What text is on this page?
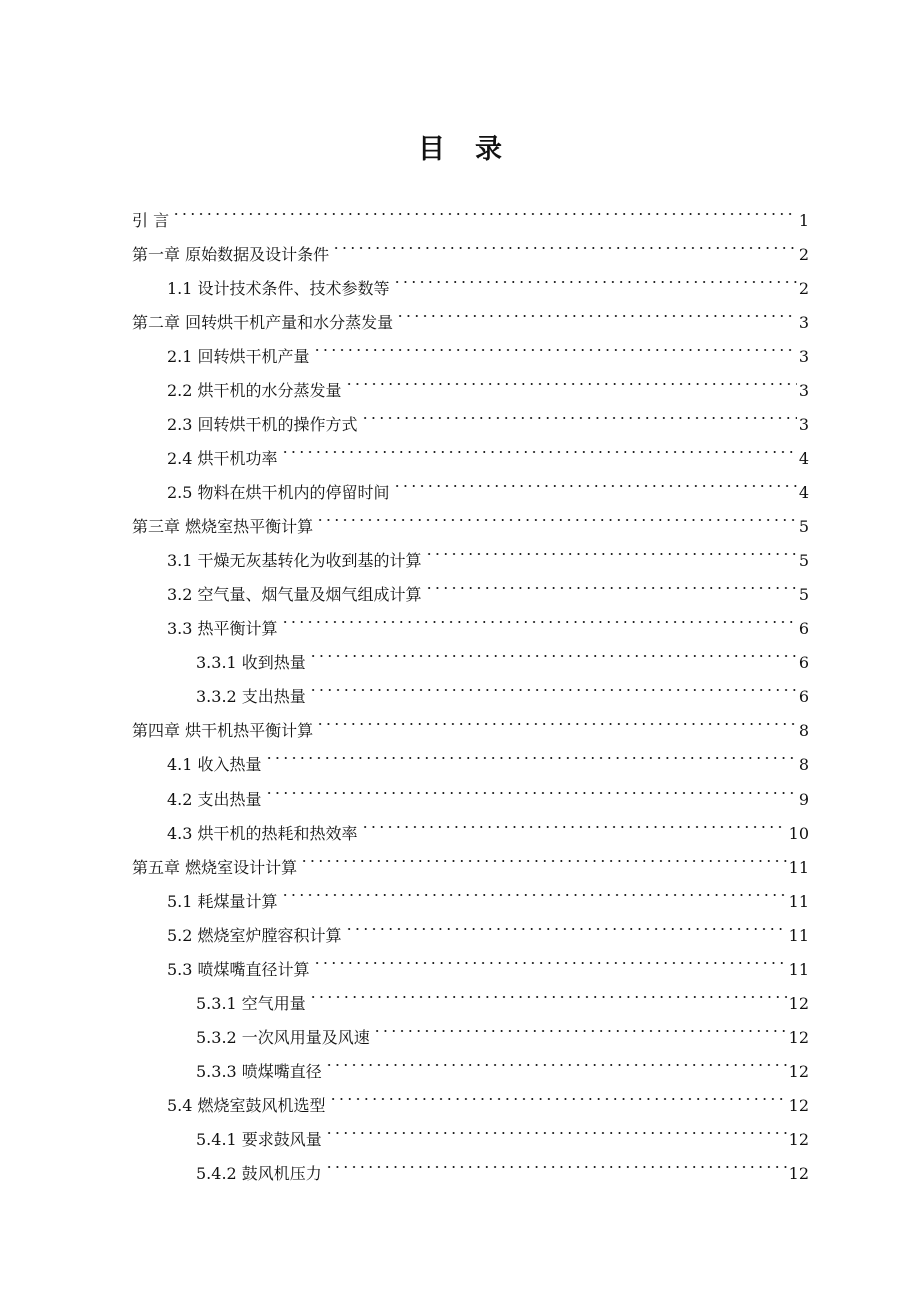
目 录
引 言	1
第一章 原始数据及设计条件	2
1.1 设计技术条件、技术参数等	2
第二章 回转烘干机产量和水分蒸发量	3
2.1 回转烘干机产量	3
2.2 烘干机的水分蒸发量	3
2.3 回转烘干机的操作方式	3
2.4 烘干机功率	4
2.5 物料在烘干机内的停留时间	4
第三章 燃烧室热平衡计算	5
3.1 干燥无灰基转化为收到基的计算	5
3.2 空气量、烟气量及烟气组成计算	5
3.3 热平衡计算	6
3.3.1 收到热量	6
3.3.2 支出热量	6
第四章 烘干机热平衡计算	8
4.1 收入热量	8
4.2 支出热量	9
4.3 烘干机的热耗和热效率	10
第五章 燃烧室设计计算	11
5.1 耗煤量计算	11
5.2 燃烧室炉膛容积计算	11
5.3 喷煤嘴直径计算	11
5.3.1 空气用量	12
5.3.2 一次风用量及风速	12
5.3.3 喷煤嘴直径	12
5.4 燃烧室鼓风机选型	12
5.4.1 要求鼓风量	12
5.4.2 鼓风机压力	12
